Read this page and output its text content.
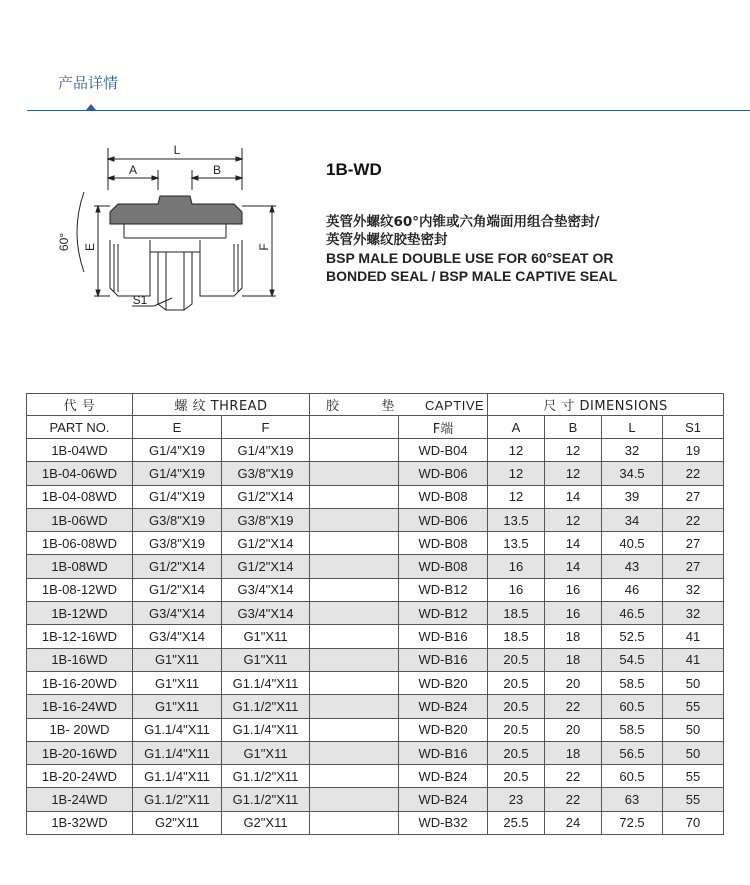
产品详情
L
A	B
E	F
S1
60°
1B-WD
英管外螺纹60°内锥或六角端面用组合垫密封/
英管外螺纹胶垫密封
BSP MALE DOUBLE USE FOR 60°SEAT OR
BONDED SEAL / BSP MALE CAPTIVE SEAL
代 号	螺 纹 THREAD		胶 垫 CAPTIVE		尺 寸 DIMENSIONS			
PART NO.	E	F		F端	A	B	L	S1
1B-04WD	G1/4"X19	G1/4"X19		WD-B04	12	12	32	19
1B-04-06WD	G1/4"X19	G3/8"X19		WD-B06	12	12	34.5	22
1B-04-08WD	G1/4"X19	G1/2"X14		WD-B08	12	14	39	27
1B-06WD	G3/8"X19	G3/8"X19		WD-B06	13.5	12	34	22
1B-06-08WD	G3/8"X19	G1/2"X14		WD-B08	13.5	14	40.5	27
1B-08WD	G1/2"X14	G1/2"X14		WD-B08	16	14	43	27
1B-08-12WD	G1/2"X14	G3/4"X14		WD-B12	16	16	46	32
1B-12WD	G3/4"X14	G3/4"X14		WD-B12	18.5	16	46.5	32
1B-12-16WD	G3/4"X14	G1"X11		WD-B16	18.5	18	52.5	41
1B-16WD	G1"X11	G1"X11		WD-B16	20.5	18	54.5	41
1B-16-20WD	G1"X11	G1.1/4"X11		WD-B20	20.5	20	58.5	50
1B-16-24WD	G1"X11	G1.1/2"X11		WD-B24	20.5	22	60.5	55
1B- 20WD	G1.1/4"X11	G1.1/4"X11		WD-B20	20.5	20	58.5	50
1B-20-16WD	G1.1/4"X11	G1"X11		WD-B16	20.5	18	56.5	50
1B-20-24WD	G1.1/4"X11	G1.1/2"X11		WD-B24	20.5	22	60.5	55
1B-24WD	G1.1/2"X11	G1.1/2"X11		WD-B24	23	22	63	55
1B-32WD	G2"X11	G2"X11		WD-B32	25.5	24	72.5	70
